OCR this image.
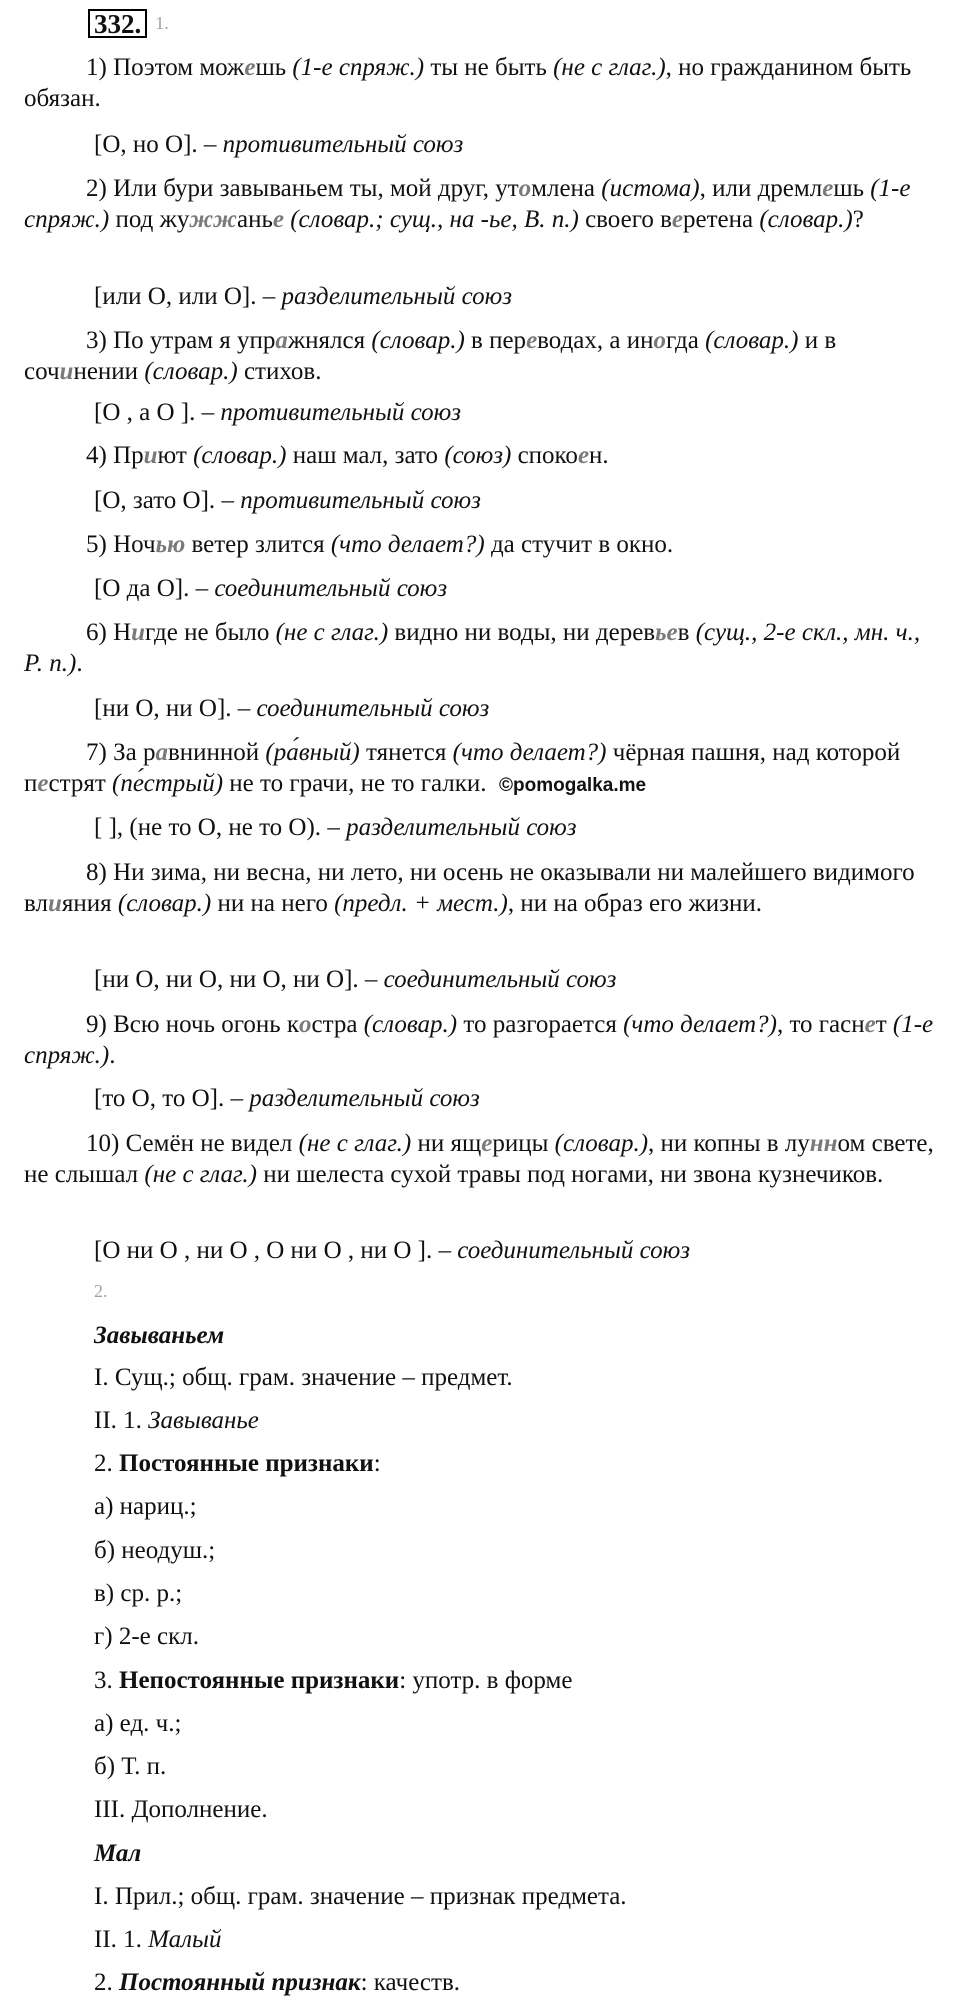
332. 1.

1) Поэтом можешь (1-е спряж.) ты не быть (не с глаг.), но гражданином быть обязан.

[О, но О]. – противительный союз

2) Или бури завываньем ты, мой друг, утомлена (истома), или дремлешь (1-е спряж.) под жужжанье (словар.; сущ., на -ье, В. п.) своего веретена (словар.)?

[или О, или О]. – разделительный союз

3) По утрам я упражнялся (словар.) в переводах, а иногда (словар.) и в сочинении (словар.) стихов.

[О , а О ]. – противительный союз

4) Приют (словар.) наш мал, зато (союз) спокоен.

[О, зато О]. – противительный союз

5) Ночью ветер злится (что делает?) да стучит в окно.

[О да О]. – соединительный союз

6) Нигде не было (не с глаг.) видно ни воды, ни деревьев (сущ., 2-е скл., мн. ч., Р. п.).

[ни О, ни О]. – соединительный союз

7) За равнинной (ра́вный) тянется (что делает?) чёрная пашня, над которой пестрят (пе́стрый) не то грачи, не то галки. ©pomogalka.me

[ ], (не то О, не то О). – разделительный союз

8) Ни зима, ни весна, ни лето, ни осень не оказывали ни малейшего видимого влияния (словар.) ни на него (предл. + мест.), ни на образ его жизни.

[ни О, ни О, ни О, ни О]. – соединительный союз

9) Всю ночь огонь костра (словар.) то разгорается (что делает?), то гаснет (1-е спряж.).

[то О, то О]. – разделительный союз

10) Семён не видел (не с глаг.) ни ящерицы (словар.), ни копны в лунном свете, не слышал (не с глаг.) ни шелеста сухой травы под ногами, ни звона кузнечиков.

[О ни О , ни О , О ни О , ни О ]. – соединительный союз

2.

Завываньем

I. Сущ.; общ. грам. значение – предмет.

II. 1. Завыванье

2. Постоянные признаки:

а) нариц.;

б) неодуш.;

в) ср. р.;

г) 2-е скл.

3. Непостоянные признаки: употр. в форме

а) ед. ч.;

б) Т. п.

III. Дополнение.

Мал

I. Прил.; общ. грам. значение – признак предмета.

II. 1. Малый

2. Постоянный признак: качеств.
